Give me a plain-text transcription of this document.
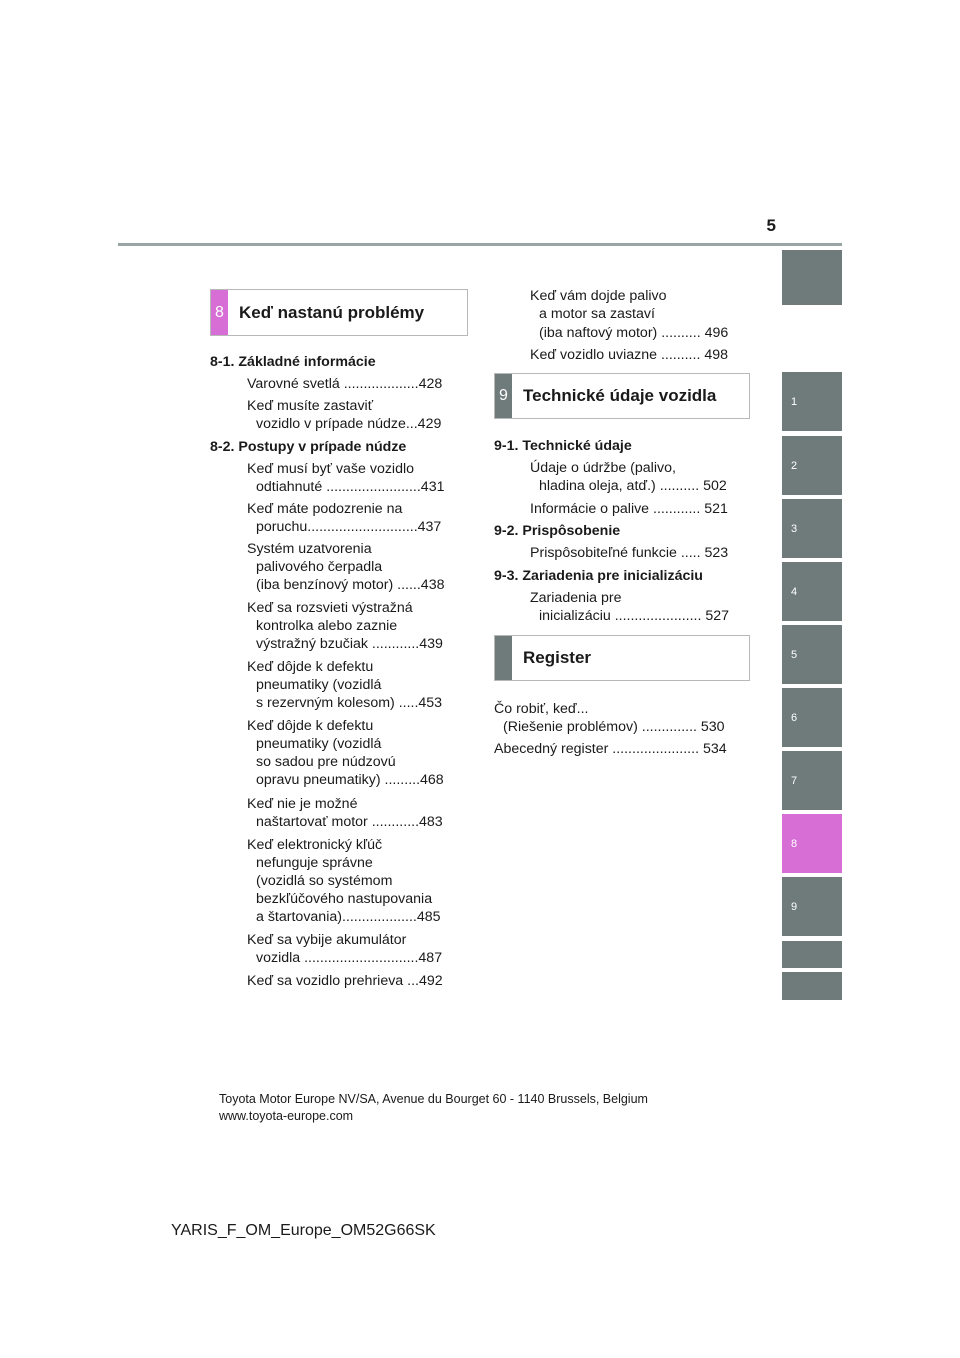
5
1
2
3
4
5
6
7
8
9
8 Keď nastanú problémy
8-1. Základné informácie
Varovné svetlá ...................428
Keď musíte zastaviť
vozidlo v prípade núdze...429
8-2. Postupy v prípade núdze
Keď musí byť vaše vozidlo
odtiahnuté ........................431
Keď máte podozrenie na
poruchu............................437
Systém uzatvorenia
palivového čerpadla
(iba benzínový motor) ......438
Keď sa rozsvieti výstražná
kontrolka alebo zaznie
výstražný bzučiak ............439
Keď dôjde k defektu
pneumatiky (vozidlá
s rezervným kolesom) .....453
Keď dôjde k defektu
pneumatiky (vozidlá
so sadou pre núdzovú
opravu pneumatiky) .........468
Keď nie je možné
naštartovať motor ............483
Keď elektronický kľúč
nefunguje správne
(vozidlá so systémom
bezkľúčového nastupovania
a štartovania)...................485
Keď sa vybije akumulátor
vozidla .............................487
Keď sa vozidlo prehrieva ...492
Keď vám dojde palivo
a motor sa zastaví
(iba naftový motor) .......... 496
Keď vozidlo uviazne .......... 498
9 Technické údaje vozidla
9-1. Technické údaje
Údaje o údržbe (palivo,
hladina oleja, atď.) .......... 502
Informácie o palive ............ 521
9-2. Prispôsobenie
Prispôsobiteľné funkcie ..... 523
9-3. Zariadenia pre inicializáciu
Zariadenia pre
inicializáciu ...................... 527
Register
Čo robiť, keď...
(Riešenie problémov) .............. 530
Abecedný register ...................... 534
Toyota Motor Europe NV/SA, Avenue du Bourget 60 - 1140 Brussels, Belgium
www.toyota-europe.com
YARIS_F_OM_Europe_OM52G66SK
